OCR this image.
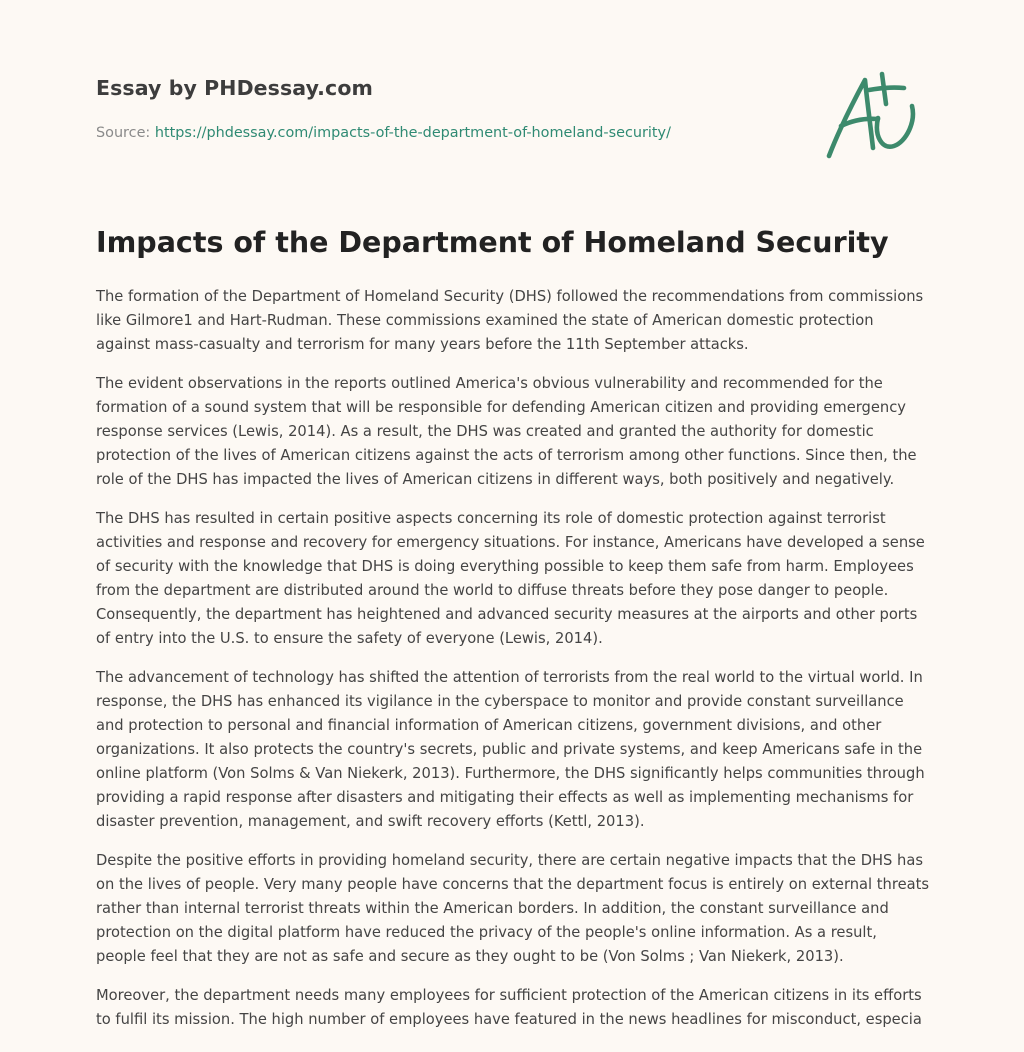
Essay by PHDessay.com
Source: https://phdessay.com/impacts-of-the-department-of-homeland-security/
Impacts of the Department of Homeland Security

The formation of the Department of Homeland Security (DHS) followed the recommendations from commissions like Gilmore1 and Hart-Rudman. These commissions examined the state of American domestic protection against mass-casualty and terrorism for many years before the 11th September attacks.

The evident observations in the reports outlined America's obvious vulnerability and recommended for the formation of a sound system that will be responsible for defending American citizen and providing emergency response services (Lewis, 2014). As a result, the DHS was created and granted the authority for domestic protection of the lives of American citizens against the acts of terrorism among other functions. Since then, the role of the DHS has impacted the lives of American citizens in different ways, both positively and negatively.

The DHS has resulted in certain positive aspects concerning its role of domestic protection against terrorist activities and response and recovery for emergency situations. For instance, Americans have developed a sense of security with the knowledge that DHS is doing everything possible to keep them safe from harm. Employees from the department are distributed around the world to diffuse threats before they pose danger to people. Consequently, the department has heightened and advanced security measures at the airports and other ports of entry into the U.S. to ensure the safety of everyone (Lewis, 2014).

The advancement of technology has shifted the attention of terrorists from the real world to the virtual world. In response, the DHS has enhanced its vigilance in the cyberspace to monitor and provide constant surveillance and protection to personal and financial information of American citizens, government divisions, and other organizations. It also protects the country's secrets, public and private systems, and keep Americans safe in the online platform (Von Solms & Van Niekerk, 2013). Furthermore, the DHS significantly helps communities through providing a rapid response after disasters and mitigating their effects as well as implementing mechanisms for disaster prevention, management, and swift recovery efforts (Kettl, 2013).

Despite the positive efforts in providing homeland security, there are certain negative impacts that the DHS has on the lives of people. Very many people have concerns that the department focus is entirely on external threats rather than internal terrorist threats within the American borders. In addition, the constant surveillance and protection on the digital platform have reduced the privacy of the people's online information. As a result, people feel that they are not as safe and secure as they ought to be (Von Solms ; Van Niekerk, 2013).

Moreover, the department needs many employees for sufficient protection of the American citizens in its efforts to fulfil its mission. The high number of employees have featured in the news headlines for misconduct, especia
